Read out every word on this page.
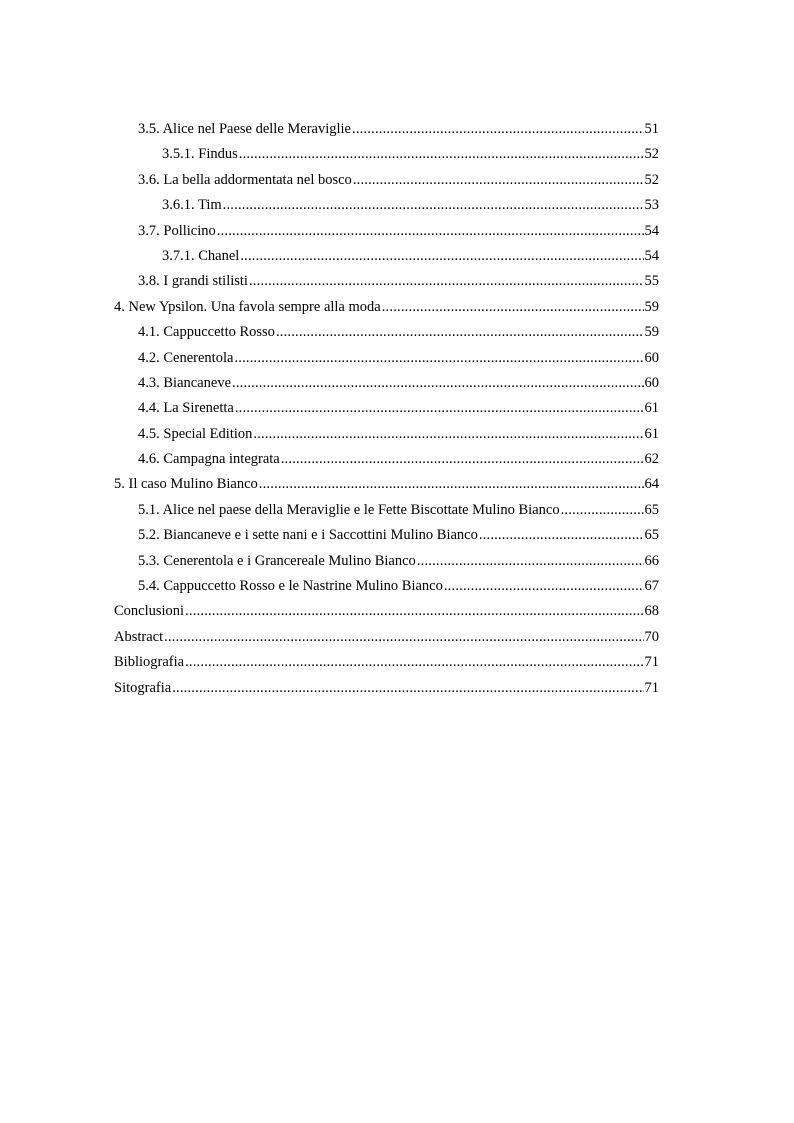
3.5. Alice nel Paese delle Meraviglie .....	51
3.5.1. Findus .....	52
3.6. La bella addormentata nel bosco .....	52
3.6.1. Tim .....	53
3.7. Pollicino .....	54
3.7.1. Chanel .....	54
3.8. I grandi stilisti .....	55
4. New Ypsilon. Una favola sempre alla moda .....	59
4.1. Cappuccetto Rosso .....	59
4.2. Cenerentola .....	60
4.3. Biancaneve .....	60
4.4. La Sirenetta .....	61
4.5. Special Edition .....	61
4.6. Campagna integrata .....	62
5. Il caso Mulino Bianco .....	64
5.1. Alice nel paese della Meraviglie e le Fette Biscottate Mulino Bianco .....	65
5.2. Biancaneve e i sette nani e i Saccottini Mulino Bianco .....	65
5.3. Cenerentola e i Grancereale Mulino Bianco .....	66
5.4. Cappuccetto Rosso e le Nastrine Mulino Bianco .....	67
Conclusioni .....	68
Abstract .....	70
Bibliografia .....	71
Sitografia .....	71
